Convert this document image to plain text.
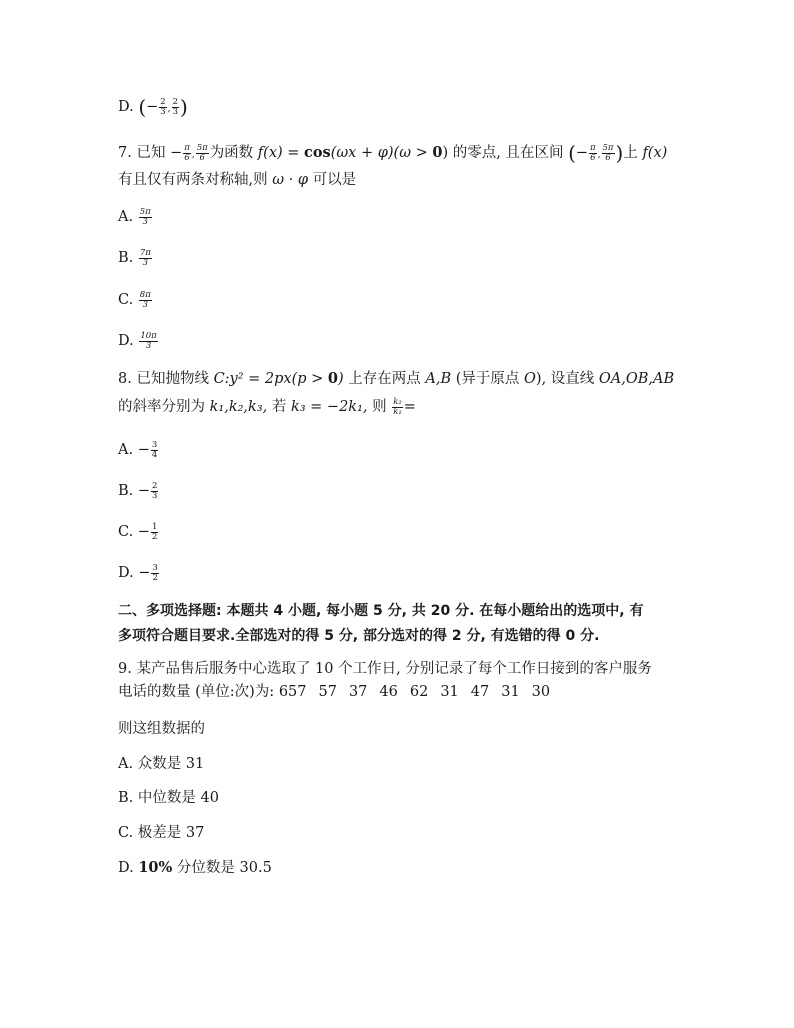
D. (− $\frac{2}{3}$ , $\frac{2}{3}$ )
7. 已知 − $\frac{\pi}{6}$ , $\frac{5\pi}{6}$ 为函数 f(x) = cos(ωx + φ)(ω > 0) 的零点, 且在区间 (− $\frac{\pi}{6}$ , $\frac{5\pi}{6}$ )上 f(x)
有且仅有两条对称轴,则 ω · φ 可以是
A. $\frac{5\pi}{3}$
B. $\frac{7\pi}{3}$
C. $\frac{8\pi}{3}$
D. $\frac{10\pi}{3}$
8. 已知抛物线 C:y² = 2px(p > 0) 上存在两点 A,B (异于原点 O), 设直线 OA,OB,AB
的斜率分别为 k₁,k₂,k₃, 若 k₃ = −2k₁, 则 $\frac{\text{k₂}}{\text{k₁}}$ =
A. − $\frac{3}{4}$
B. − $\frac{2}{3}$
C. − $\frac{1}{2}$
D. − $\frac{3}{2}$
二、多项选择题: 本题共 4 小题, 每小题 5 分, 共 20 分. 在每小题给出的选项中, 有
多项符合题目要求.全部选对的得 5 分, 部分选对的得 2 分, 有选错的得 0 分.
9. 某产品售后服务中心选取了 10 个工作日, 分别记录了每个工作日接到的客户服务
电话的数量 (单位:次)为: 657 57 37 46 62 31 47 31 30
则这组数据的
A. 众数是 31
B. 中位数是 40
C. 极差是 37
D. 10% 分位数是 30.5
